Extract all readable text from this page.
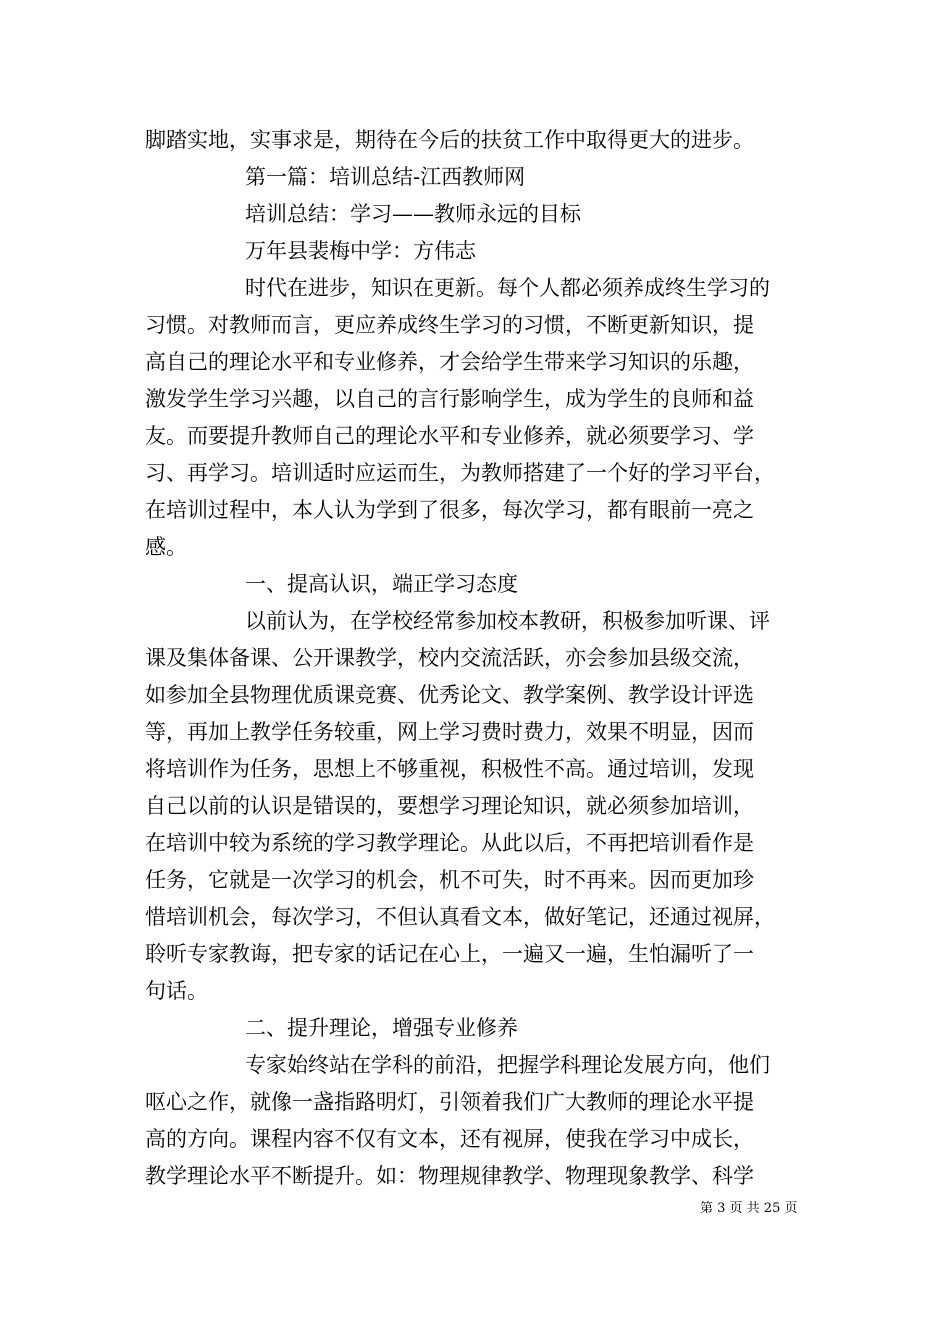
脚踏实地，实事求是，期待在今后的扶贫工作中取得更大的进步。
第一篇：培训总结-江西教师网
培训总结：学习——教师永远的目标
万年县裴梅中学：方伟志
时代在进步，知识在更新。每个人都必须养成终生学习的
习惯。对教师而言，更应养成终生学习的习惯，不断更新知识，提
高自己的理论水平和专业修养，才会给学生带来学习知识的乐趣，
激发学生学习兴趣，以自己的言行影响学生，成为学生的良师和益
友。而要提升教师自己的理论水平和专业修养，就必须要学习、学
习、再学习。培训适时应运而生，为教师搭建了一个好的学习平台，
在培训过程中，本人认为学到了很多，每次学习，都有眼前一亮之
感。
一、提高认识，端正学习态度
以前认为，在学校经常参加校本教研，积极参加听课、评
课及集体备课、公开课教学，校内交流活跃，亦会参加县级交流，
如参加全县物理优质课竞赛、优秀论文、教学案例、教学设计评选
等，再加上教学任务较重，网上学习费时费力，效果不明显，因而
将培训作为任务，思想上不够重视，积极性不高。通过培训，发现
自己以前的认识是错误的，要想学习理论知识，就必须参加培训，
在培训中较为系统的学习教学理论。从此以后，不再把培训看作是
任务，它就是一次学习的机会，机不可失，时不再来。因而更加珍
惜培训机会，每次学习，不但认真看文本，做好笔记，还通过视屏，
聆听专家教诲，把专家的话记在心上，一遍又一遍，生怕漏听了一
句话。
二、提升理论，增强专业修养
专家始终站在学科的前沿，把握学科理论发展方向，他们
呕心之作，就像一盏指路明灯，引领着我们广大教师的理论水平提
高的方向。课程内容不仅有文本，还有视屏，使我在学习中成长，
教学理论水平不断提升。如：物理规律教学、物理现象教学、科学
第 3 页 共 25 页
